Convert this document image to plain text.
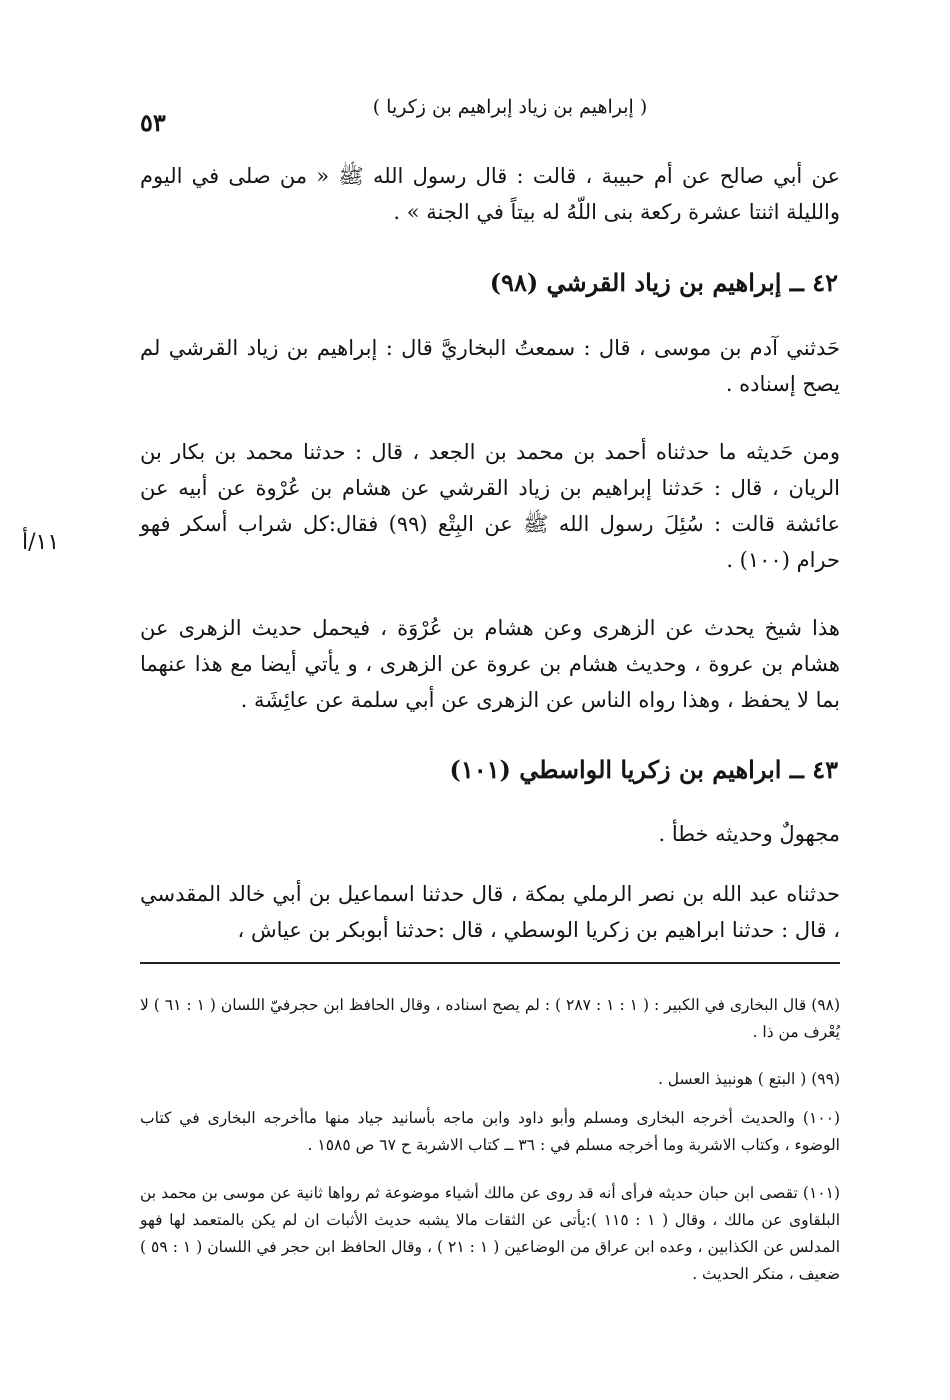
( إبراهيم بن زياد إبراهيم بن زكريا )
٥٣
١١/أ
عن أبي صالح عن أم حبيبة ، قالت : قال رسول الله ﷺ « من صلى في اليوم والليلة اثنتا عشرة ركعة بنى اللّهُ له بيتاً في الجنة » .
٤٢ ــ إبراهيم بن زياد القرشي (٩٨)
حَدثني آدم بن موسى ، قال : سمعتُ البخاريَّ قال : إبراهيم بن زياد القرشي لم يصح إسناده .
ومن حَديثه ما حدثناه أحمد بن محمد بن الجعد ، قال : حدثنا محمد بن بكار بن الريان ، قال : حَدثنا إبراهيم بن زياد القرشي عن هشام بن عُرْوة عن أبيه عن عائشة قالت : سُئِلَ رسول الله ﷺ عن البِتْع (٩٩) فقال:كل شراب أسكر فهو حرام (١٠٠) .
هذا شيخ يحدث عن الزهرى وعن هشام بن عُرْوَة ، فيحمل حديث الزهرى عن هشام بن عروة ، وحديث هشام بن عروة عن الزهرى ، و يأتي أيضا مع هذا عنهما بما لا يحفظ ، وهذا رواه الناس عن الزهرى عن أبي سلمة عن عائِشَة .
٤٣ ــ ابراهيم بن زكريا الواسطي (١٠١)
مجهولٌ وحديثه خطأ .
حدثناه عبد الله بن نصر الرملي بمكة ، قال حدثنا اسماعيل بن أبي خالد المقدسي ، قال : حدثنا ابراهيم بن زكريا الوسطي ، قال :حدثنا أبوبكر بن عياش ،
(٩٨) قال البخارى في الكبير : ( ١ : ١ : ٢٨٧ ) : لم يصح اسناده ، وقال الحافظ ابن حجرفيّ اللسان ( ١ : ٦١ ) لا يُعْرف من ذا .
(٩٩) ( البتع ) هونبيذ العسل .
(١٠٠) والحديث أخرجه البخارى ومسلم وأبو داود وابن ماجه بأسانيد جياد منها ماأخرجه البخارى في كتاب الوضوء ، وكتاب الاشربة وما أخرجه مسلم في : ٣٦ ــ كتاب الاشربة ح ٦٧ ص ١٥٨٥ .
(١٠١) تقصى ابن حبان حديثه فرأى أنه قد روى عن مالك أشياء موضوعة ثم رواها ثانية عن موسى بن محمد بن البلقاوى عن مالك ، وقال ( ١ : ١١٥ ):يأتى عن الثقات مالا يشبه حديث الأثبات ان لم يكن بالمتعمد لها فهو المدلس عن الكذابين ، وعده ابن عراق من الوضاعين ( ١ : ٢١ ) ، وقال الحافظ ابن حجر في اللسان ( ١ : ٥٩ ) ضعيف ، منكر الحديث .
